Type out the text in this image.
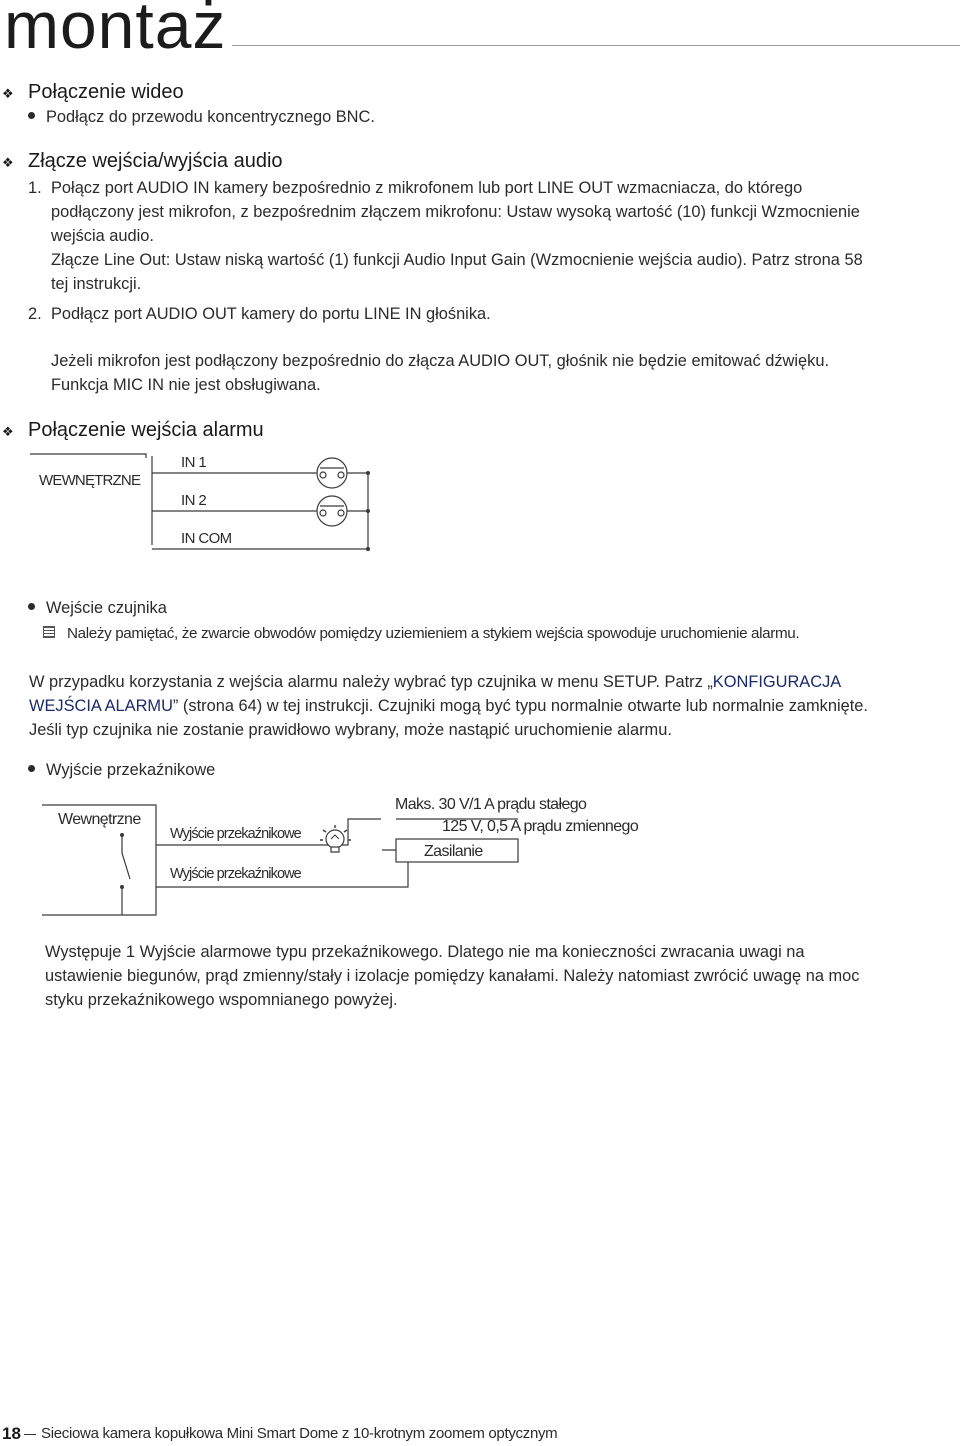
montaż
❖ Połączenie wideo
Podłącz do przewodu koncentrycznego BNC.
❖ Złącze wejścia/wyjścia audio
1. Połącz port AUDIO IN kamery bezpośrednio z mikrofonem lub port LINE OUT wzmacniacza, do którego
podłączony jest mikrofon, z bezpośrednim złączem mikrofonu: Ustaw wysoką wartość (10) funkcji Wzmocnienie
wejścia audio.
Złącze Line Out: Ustaw niską wartość (1) funkcji Audio Input Gain (Wzmocnienie wejścia audio). Patrz strona 58
tej instrukcji.
2. Podłącz port AUDIO OUT kamery do portu LINE IN głośnika.
Jeżeli mikrofon jest podłączony bezpośrednio do złącza AUDIO OUT, głośnik nie będzie emitować dźwięku.
Funkcja MIC IN nie jest obsługiwana.
❖ Połączenie wejścia alarmu
WEWNĘTRZNE
IN 1
IN 2
IN COM
Wejście czujnika
Należy pamiętać, że zwarcie obwodów pomiędzy uziemieniem a stykiem wejścia spowoduje uruchomienie alarmu.
W przypadku korzystania z wejścia alarmu należy wybrać typ czujnika w menu SETUP. Patrz „KONFIGURACJA
WEJŚCIA ALARMU” (strona 64) w tej instrukcji. Czujniki mogą być typu normalnie otwarte lub normalnie zamknięte.
Jeśli typ czujnika nie zostanie prawidłowo wybrany, może nastąpić uruchomienie alarmu.
Wyjście przekaźnikowe
Wewnętrzne
Wyjście przekaźnikowe
Wyjście przekaźnikowe
Maks. 30 V/1 A prądu stałego
125 V, 0,5 A prądu zmiennego
Zasilanie
Występuje 1 Wyjście alarmowe typu przekaźnikowego. Dlatego nie ma konieczności zwracania uwagi na
ustawienie biegunów, prąd zmienny/stały i izolacje pomiędzy kanałami. Należy natomiast zwrócić uwagę na moc
styku przekaźnikowego wspomnianego powyżej.
18 Sieciowa kamera kopułkowa Mini Smart Dome z 10-krotnym zoomem optycznym
